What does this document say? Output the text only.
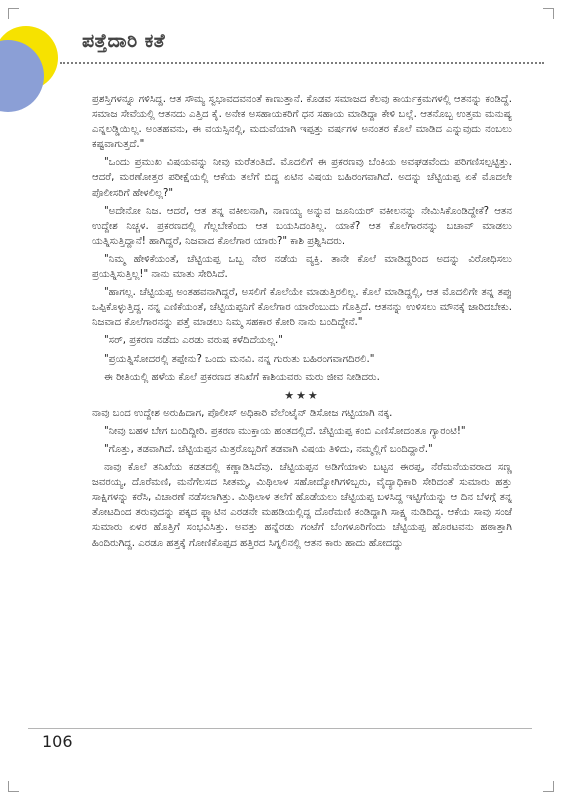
ಪತ್ತೆದಾರಿ ಕತೆ

ಪ್ರಶಸ್ತಿಗಳನ್ನೂ ಗಳಿಸಿದ್ದ. ಆತ ಸೌಮ್ಯ ಸ್ವಭಾವದವನಂತೆ ಕಾಣುತ್ತಾನೆ. ಕೊಡವ ಸಮಾಜದ ಕೆಲವು ಕಾರ್ಯಕ್ರಮಗಳಲ್ಲಿ ಆತನನ್ನು ಕಂಡಿದ್ದೆ. ಸಮಾಜ ಸೇವೆಯಲ್ಲಿ ಆತನದು ಎತ್ತಿದ ಕೈ. ಅನೇಕ ಅಸಹಾಯಕರಿಗೆ ಧನ ಸಹಾಯ ಮಾಡಿದ್ದಾ ಕೇಳಿ ಬಲ್ಲೆ. ಆತನೊಬ್ಬ ಉತ್ತಮ ಮನುಷ್ಯ ಎನ್ನಲಡ್ಡಿಯಿಲ್ಲ. ಅಂತಹವನು, ಈ ವಯಸ್ಸಿನಲ್ಲಿ, ಮದುವೆಯಾಗಿ ಇಪ್ಪತ್ತು ವರ್ಷಗಳ ಅನಂತರ ಕೊಲೆ ಮಾಡಿದ ಎನ್ನುವುದು ನಂಬಲು ಕಷ್ಟವಾಗುತ್ತದೆ."

"ಒಂದು ಪ್ರಮುಖ ವಿಷಯವನ್ನು ನೀವು ಮರೆತಂತಿದೆ. ಮೊದಲಿಗೆ ಈ ಪ್ರಕರಣವು ಬೆಂಕಿಯ ಅವಘಡವೆಂದು ಪರಿಗಣಿಸಲ್ಪಟ್ಟಿತ್ತು. ಆದರೆ, ಮರಣೋತ್ತರ ಪರೀಕ್ಷೆಯಲ್ಲಿ ಆಕೆಯ ತಲೆಗೆ ಬಿದ್ದ ಏಟಿನ ವಿಷಯ ಬಹಿರಂಗವಾಗಿದೆ. ಅದನ್ನು ಚೆಟ್ಟಿಯಪ್ಪ ಏಕೆ ಮೊದಲೇ ಪೊಲೀಸರಿಗೆ ಹೇಳಲಿಲ್ಲ?"

"ಅದೇನೋ ನಿಜ. ಆದರೆ, ಆತ ತನ್ನ ವಕೀಲನಾಗಿ, ನಾಣಯ್ಯ ಅನ್ನುವ ಜೂನಿಯರ್ ವಕೀಲನನ್ನು ನೇಮಿಸಿಕೊಂಡಿದ್ದೇಕೆ? ಆತನ ಉದ್ದೇಶ ನಿಚ್ಚಳ. ಪ್ರಕರಣದಲ್ಲಿ ಗೆಲ್ಲಬೇಕೆಂದು ಆತ ಬಯಸಿದಂತಿಲ್ಲ. ಯಾಕೆ? ಆತ ಕೊಲೆಗಾರನನ್ನು ಬಚಾವ್ ಮಾಡಲು ಯತ್ನಿಸುತ್ತಿದ್ದಾನೆ! ಹಾಗಿದ್ದರೆ, ನಿಜವಾದ ಕೊಲೆಗಾರ ಯಾರು?" ಕಾಶಿ ಪ್ರಶ್ನಿಸಿದರು.

"ನಿಮ್ಮ ಹೇಳಿಕೆಯಂತೆ, ಚೆಟ್ಟಿಯಪ್ಪ ಒಬ್ಬ ನೇರ ನಡೆಯ ವ್ಯಕ್ತಿ. ತಾನೇ ಕೊಲೆ ಮಾಡಿದ್ದರಿಂದ ಅದನ್ನು ವಿರೋಧಿಸಲು ಪ್ರಯತ್ನಿಸುತ್ತಿಲ್ಲ!" ನಾನು ಮಾತು ಸೇರಿಸಿದೆ.

"ಹಾಗಲ್ಲ. ಚೆಟ್ಟಿಯಪ್ಪ ಅಂತಹವನಾಗಿದ್ದರೆ, ಅಸಲಿಗೆ ಕೊಲೆಯೇ ಮಾಡುತ್ತಿರಲಿಲ್ಲ. ಕೊಲೆ ಮಾಡಿದ್ದಲ್ಲಿ, ಆತ ಮೊದಲಿಗೇ ತನ್ನ ತಪ್ಪು ಒಪ್ಪಿಕೊಳ್ಳುತ್ತಿದ್ದ. ನನ್ನ ಎಣಿಕೆಯಂತೆ, ಚೆಟ್ಟಿಯಪ್ಪನಿಗೆ ಕೊಲೆಗಾರ ಯಾರೆಂಬುದು ಗೊತ್ತಿದೆ. ಆತನನ್ನು ಉಳಿಸಲು ಮೌನಕ್ಕೆ ಜಾರಿದಬೇಕು. ನಿಜವಾದ ಕೊಲೆಗಾರನನ್ನು ಪತ್ತೆ ಮಾಡಲು ನಿಮ್ಮ ಸಹಕಾರ ಕೋರಿ ನಾನು ಬಂದಿದ್ದೇನೆ."

"ಸರ್, ಪ್ರಕರಣ ನಡೆದು ಎರಡು ವರುಷ ಕಳೆದಿದೆಯಲ್ಲ."

"ಪ್ರಯತ್ನಿಸೋದರಲ್ಲಿ ತಪ್ಪೇನು? ಒಂದು ಮನವಿ. ನನ್ನ ಗುರುತು ಬಹಿರಂಗವಾಗದಿರಲಿ."

ಈ ರೀತಿಯಲ್ಲಿ ಹಳೆಯ ಕೊಲೆ ಪ್ರಕರಣದ ತನಿಖೆಗೆ ಕಾಶಿಯವರು ಮರು ಜೀವ ನೀಡಿದರು.

★★★

ನಾವು ಬಂದ ಉದ್ದೇಶ ಅರುಹಿದಾಗ, ಪೊಲೀಸ್ ಅಧಿಕಾರಿ ವೆಲೆಂಟೈನ್ ಡಿಸೋಜ ಗಟ್ಟಿಯಾಗಿ ನಕ್ಕ.

"ನೀವು ಬಹಳ ಬೇಗ ಬಂದಿದ್ದೀರಿ. ಪ್ರಕರಣ ಮುಕ್ತಾಯ ಹಂತದಲ್ಲಿದೆ. ಚೆಟ್ಟಿಯಪ್ಪ ಕಂಬಿ ಎಣಿಸೋದಂತೂ ಗ್ಯಾರಂಟಿ!"

"ಗೊತ್ತು, ತಡವಾಗಿದೆ. ಚೆಟ್ಟಿಯಪ್ಪನ ಮಿತ್ರರೊಬ್ಬರಿಗೆ ತಡವಾಗಿ ವಿಷಯ ತಿಳಿದು, ನಮ್ಮಲ್ಲಿಗೆ ಬಂದಿದ್ದಾರೆ."

ನಾವು ಕೊಲೆ ತನಿಖೆಯ ಕಡತದಲ್ಲಿ ಕಣ್ಣಾಡಿಸಿದೆವು. ಚೆಟ್ಟಿಯಪ್ಪನ ಅಡಿಗೆಯಾಳು ಬಟ್ಟನ ಈರಪ್ಪ, ನೆರೆಮನೆಯವರಾದ ಸಣ್ಣ ಜವರಯ್ಯ, ದೊರೆಮಣಿ, ಮನೆಗೆಲಸದ ಸೀತಮ್ಮ, ಮಿಥಿಲಾಳ ಸಹೋದ್ಯೋಗಿಗಳಿಬ್ಬರು, ವೈದ್ಯಾಧಿಕಾರಿ ಸೇರಿದಂತೆ ಸುಮಾರು ಹತ್ತು ಸಾಕ್ಷಿಗಳನ್ನು ಕರೆಸಿ, ವಿಚಾರಣೆ ನಡೆಸಲಾಗಿತ್ತು. ಮಿಥಿಲಾಳ ತಲೆಗೆ ಹೊಡೆಯಲು ಚೆಟ್ಟಿಯಪ್ಪ ಬಳಸಿದ್ದ ಇಟ್ಟಿಗೆಯನ್ನು ಆ ದಿನ ಬೆಳಗ್ಗೆ ತನ್ನ ತೋಟದಿಂದ ತರುವುದನ್ನು ಪಕ್ಕದ ಫ್ಲ್ಯಾಟಿನ ಎರಡನೇ ಮಹಡಿಯಲ್ಲಿದ್ದ ದೊರೆಮಣಿ ಕಂಡಿದ್ದಾಗಿ ಸಾಕ್ಷ್ಯ ನುಡಿದಿದ್ದ. ಆಕೆಯ ಸಾವು ಸಂಜೆ ಸುಮಾರು ಏಳರ ಹೊತ್ತಿಗೆ ಸಂಭವಿಸಿತ್ತು. ಅವತ್ತು ಹನ್ನೆರಡು ಗಂಟೆಗೆ ಬೆಂಗಳೂರಿಗೆಂದು ಚೆಟ್ಟಿಯಪ್ಪ ಹೊರಟವನು ಹಠಾತ್ತಾಗಿ ಹಿಂದಿರುಗಿದ್ದ. ಎರಡೂ ಹತ್ತಕ್ಕೆ ಗೋಣಿಕೊಪ್ಪದ ಹತ್ತಿರದ ಸಿಗ್ನಲಿನಲ್ಲಿ ಆತನ ಕಾರು ಹಾದು ಹೋದದ್ದು

106
